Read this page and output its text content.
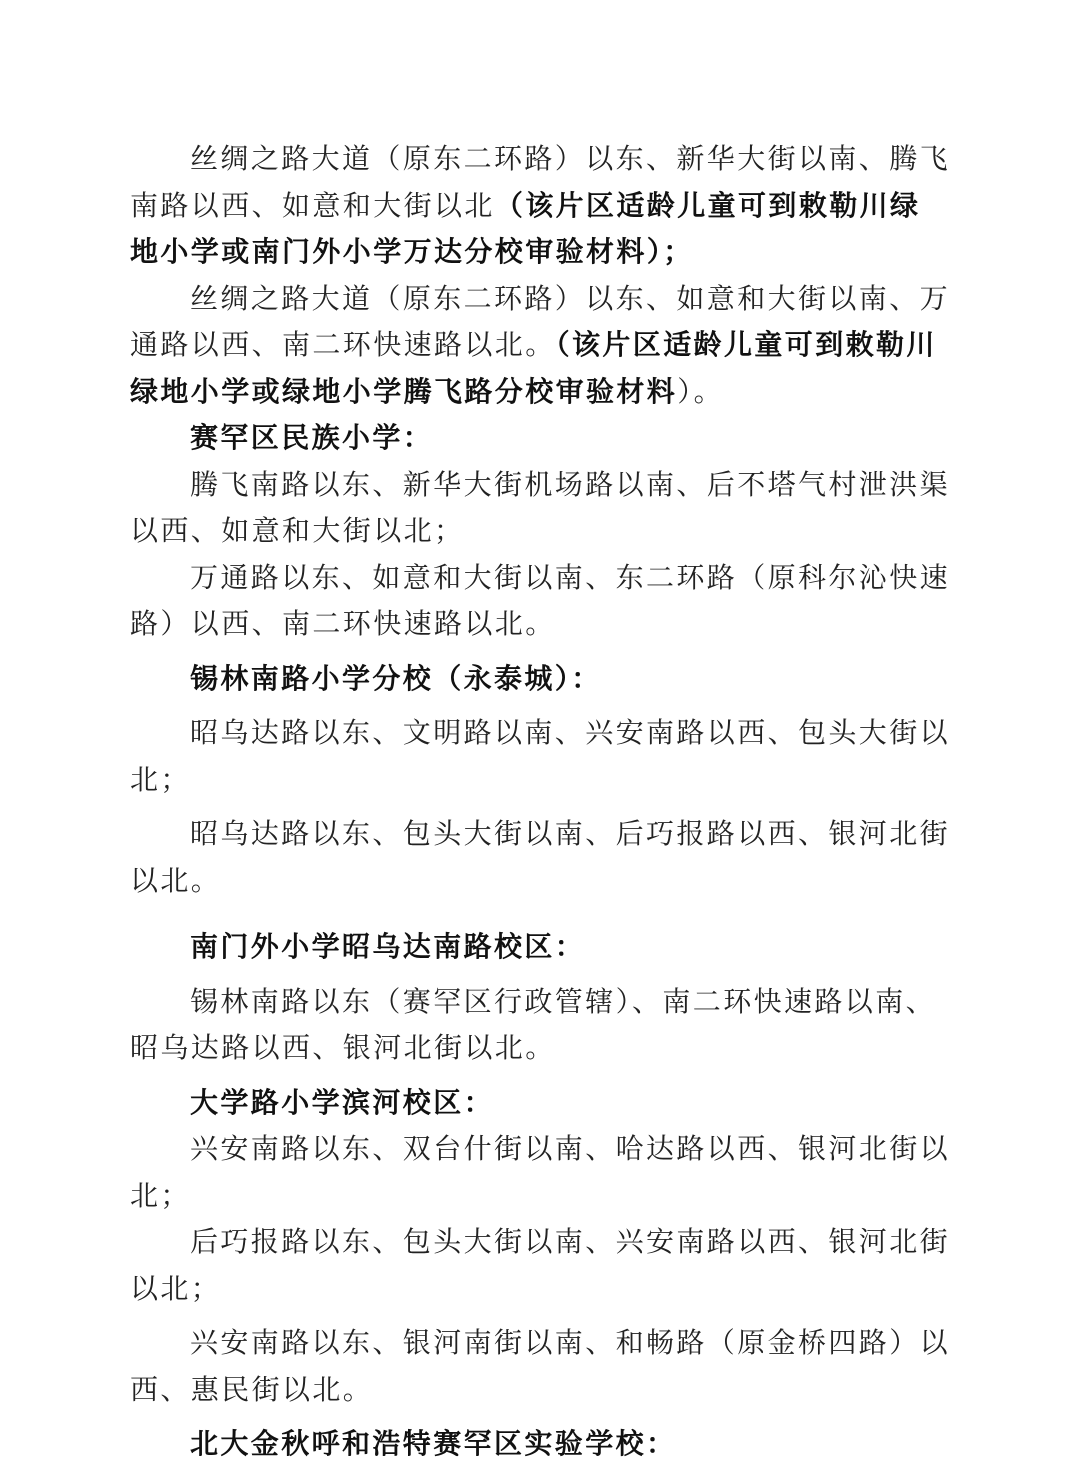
丝绸之路大道（原东二环路）以东、新华大街以南、腾飞南路以西、如意和大街以北（该片区适龄儿童可到敕勒川绿地小学或南门外小学万达分校审验材料）；

丝绸之路大道（原东二环路）以东、如意和大街以南、万通路以西、南二环快速路以北。（该片区适龄儿童可到敕勒川绿地小学或绿地小学腾飞路分校审验材料）。

赛罕区民族小学：

腾飞南路以东、新华大街机场路以南、后不塔气村泄洪渠以西、如意和大街以北；

万通路以东、如意和大街以南、东二环路（原科尔沁快速路）以西、南二环快速路以北。

锡林南路小学分校（永泰城）：

昭乌达路以东、文明路以南、兴安南路以西、包头大街以北；

昭乌达路以东、包头大街以南、后巧报路以西、银河北街以北。

南门外小学昭乌达南路校区：

锡林南路以东（赛罕区行政管辖）、南二环快速路以南、昭乌达路以西、银河北街以北。

大学路小学滨河校区：

兴安南路以东、双台什街以南、哈达路以西、银河北街以北；

后巧报路以东、包头大街以南、兴安南路以西、银河北街以北；

兴安南路以东、银河南街以南、和畅路（原金桥四路）以西、惠民街以北。

北大金秋呼和浩特赛罕区实验学校：
